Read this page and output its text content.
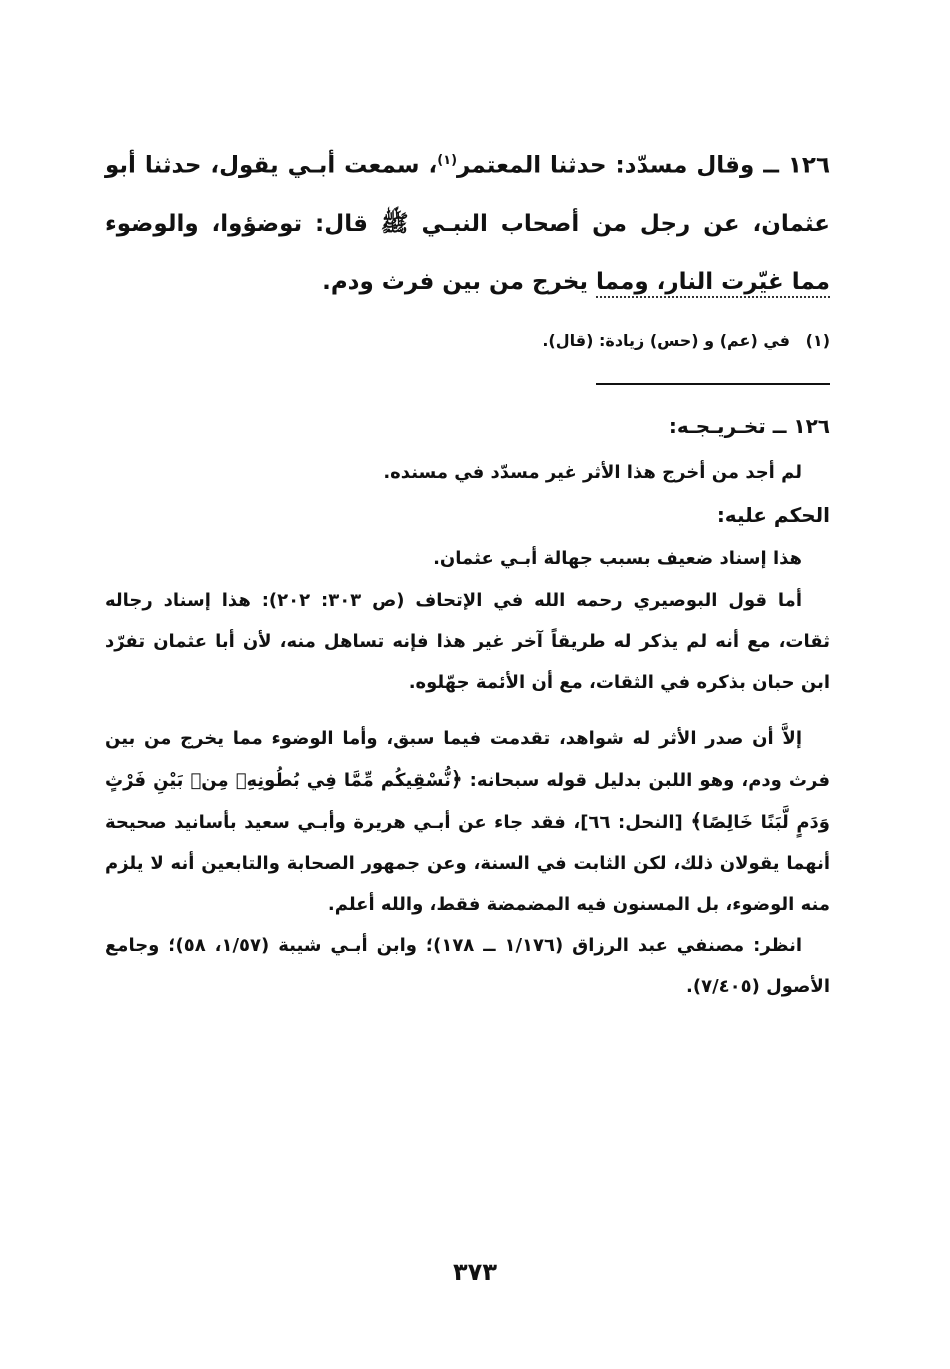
١٢٦ ــ وقال مسدّد: حدثنا المعتمر$^{(١)}$، سمعت أبـي يقول، حدثنا أبو عثمان، عن رجل من أصحاب النبـي ﷺ قال: توضؤوا، والوضوء مما غيّرت النار، ومما يخرج من بين فرث ودم.

(١) في (عم) و (حس) زيادة: (قال).
١٢٦ ــ تخـريـجـه:

لم أجد من أخرج هذا الأثر غير مسدّد في مسنده.

الحكم عليه:

هذا إسناد ضعيف بسبب جهالة أبـي عثمان.

أما قول البوصيري رحمه الله في الإتحاف (ص ٣٠٣: ٢٠٢): هذا إسناد رجاله ثقات، مع أنه لم يذكر له طريقاً آخر غير هذا فإنه تساهل منه، لأن أبا عثمان تفرّد ابن حبان بذكره في الثقات، مع أن الأئمة جهّلوه.

إلاَّ أن صدر الأثر له شواهد، تقدمت فيما سبق، وأما الوضوء مما يخرج من بين فرث ودم، وهو اللبن بدليل قوله سبحانه: ﴿نُّسْقِيكُم مِّمَّا فِي بُطُونِهِۦ مِنۢ بَيْنِ فَرْثٍ وَدَمٍ لَّبَنًا خَالِصًا﴾ [النحل: ٦٦]، فقد جاء عن أبـي هريرة وأبـي سعيد بأسانيد صحيحة أنهما يقولان ذلك، لكن الثابت في السنة، وعن جمهور الصحابة والتابعين أنه لا يلزم منه الوضوء، بل المسنون فيه المضمضة فقط، والله أعلم.

انظر: مصنفي عبد الرزاق (١/١٧٦ ــ ١٧٨)؛ وابن أبـي شيبة (١/٥٧، ٥٨)؛ وجامع الأصول (٧/٤٠٥).

٣٧٣
